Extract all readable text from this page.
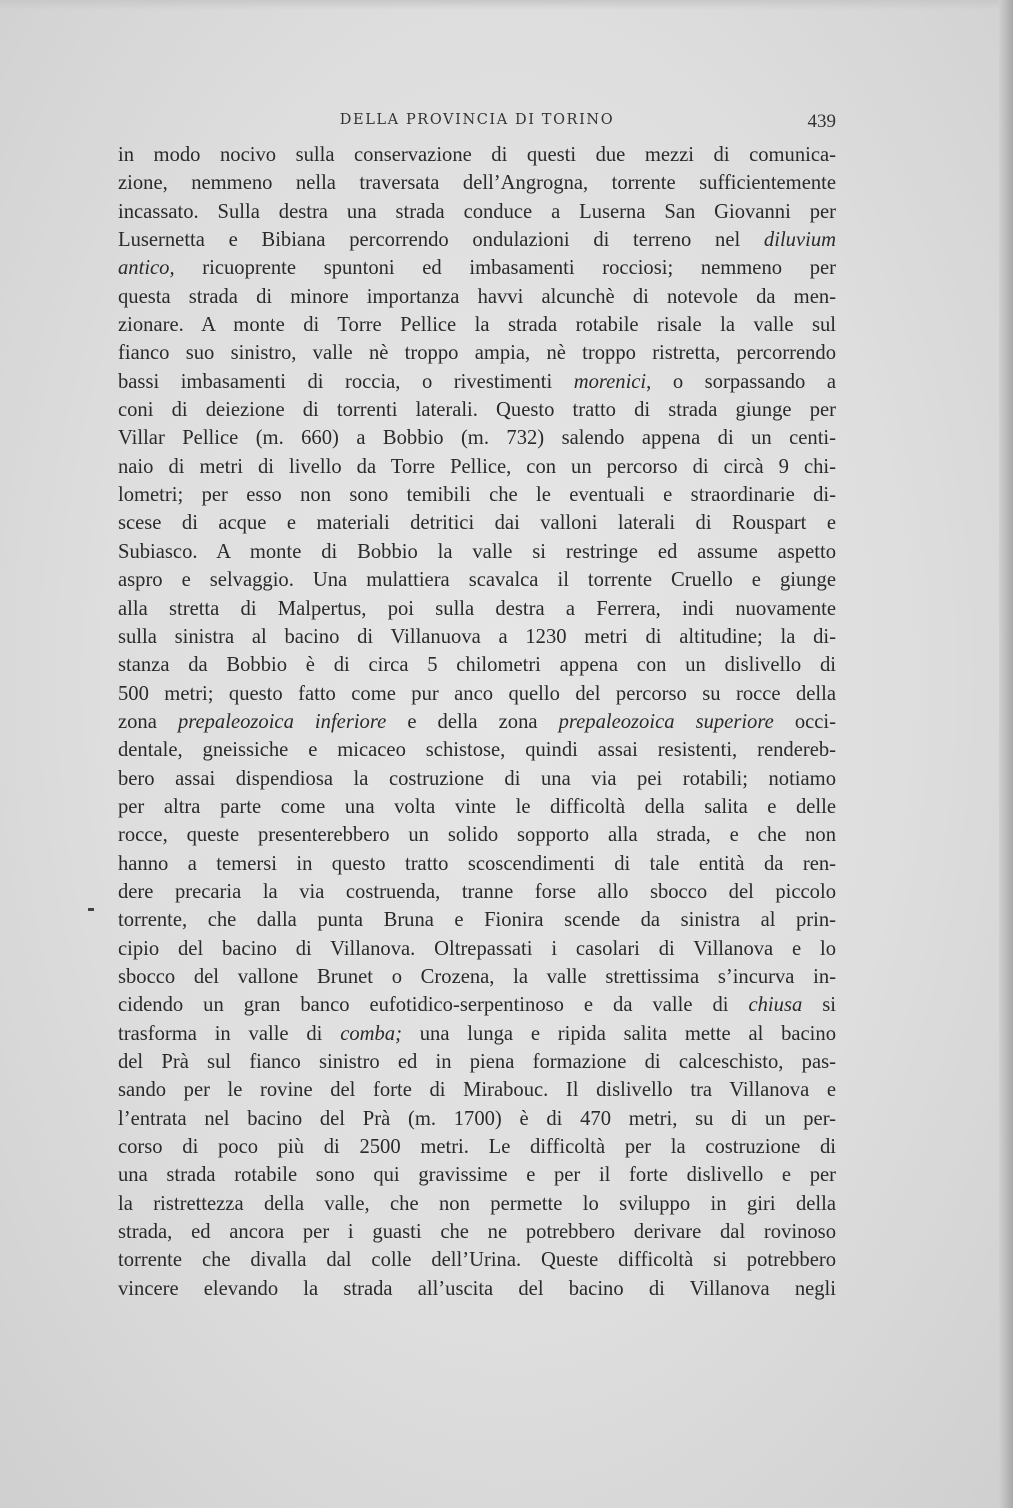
DELLA PROVINCIA DI TORINO	439
in modo nocivo sulla conservazione di questi due mezzi di comunica-
zione, nemmeno nella traversata dell’Angrogna, torrente sufficientemente
incassato. Sulla destra una strada conduce a Luserna San Giovanni per
Lusernetta e Bibiana percorrendo ondulazioni di terreno nel diluvium
antico, ricuoprente spuntoni ed imbasamenti rocciosi; nemmeno per
questa strada di minore importanza havvi alcunchè di notevole da men-
zionare. A monte di Torre Pellice la strada rotabile risale la valle sul
fianco suo sinistro, valle nè troppo ampia, nè troppo ristretta, percorrendo
bassi imbasamenti di roccia, o rivestimenti morenici, o sorpassando a
coni di deiezione di torrenti laterali. Questo tratto di strada giunge per
Villar Pellice (m. 660) a Bobbio (m. 732) salendo appena di un centi-
naio di metri di livello da Torre Pellice, con un percorso di circà 9 chi-
lometri; per esso non sono temibili che le eventuali e straordinarie di-
scese di acque e materiali detritici dai valloni laterali di Rouspart e
Subiasco. A monte di Bobbio la valle si restringe ed assume aspetto
aspro e selvaggio. Una mulattiera scavalca il torrente Cruello e giunge
alla stretta di Malpertus, poi sulla destra a Ferrera, indi nuovamente
sulla sinistra al bacino di Villanuova a 1230 metri di altitudine; la di-
stanza da Bobbio è di circa 5 chilometri appena con un dislivello di
500 metri; questo fatto come pur anco quello del percorso su rocce della
zona prepaleozoica inferiore e della zona prepaleozoica superiore occi-
dentale, gneissiche e micaceo schistose, quindi assai resistenti, rendereb-
bero assai dispendiosa la costruzione di una via pei rotabili; notiamo
per altra parte come una volta vinte le difficoltà della salita e delle
rocce, queste presenterebbero un solido sopporto alla strada, e che non
hanno a temersi in questo tratto scoscendimenti di tale entità da ren-
dere precaria la via costruenda, tranne forse allo sbocco del piccolo
torrente, che dalla punta Bruna e Fionira scende da sinistra al prin-
cipio del bacino di Villanova. Oltrepassati i casolari di Villanova e lo
sbocco del vallone Brunet o Crozena, la valle strettissima s’incurva in-
cidendo un gran banco eufotidico-serpentinoso e da valle di chiusa si
trasforma in valle di comba; una lunga e ripida salita mette al bacino
del Prà sul fianco sinistro ed in piena formazione di calceschisto, pas-
sando per le rovine del forte di Mirabouc. Il dislivello tra Villanova e
l’entrata nel bacino del Prà (m. 1700) è di 470 metri, su di un per-
corso di poco più di 2500 metri. Le difficoltà per la costruzione di
una strada rotabile sono qui gravissime e per il forte dislivello e per
la ristrettezza della valle, che non permette lo sviluppo in giri della
strada, ed ancora per i guasti che ne potrebbero derivare dal rovinoso
torrente che divalla dal colle dell’Urina. Queste difficoltà si potrebbero
vincere elevando la strada all’uscita del bacino di Villanova negli
